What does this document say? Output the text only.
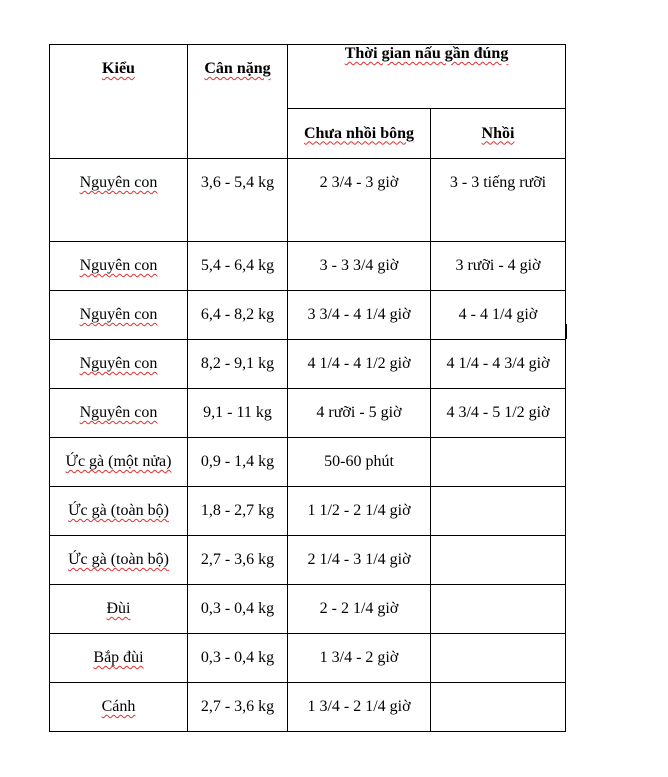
Kiểu	Cân nặng	Thời gian nấu gần đúng	
		Chưa nhồi bông	Nhồi
Nguyên con	3,6 - 5,4 kg	2 3/4 - 3 giờ	3 - 3 tiếng rưỡi
Nguyên con	5,4 - 6,4 kg	3 - 3 3/4 giờ	3 rưỡi - 4 giờ
Nguyên con	6,4 - 8,2 kg	3 3/4 - 4 1/4 giờ	4 - 4 1/4 giờ
Nguyên con	8,2 - 9,1 kg	4 1/4 - 4 1/2 giờ	4 1/4 - 4 3/4 giờ
Nguyên con	9,1 - 11 kg	4 rưỡi - 5 giờ	4 3/4 - 5 1/2 giờ
Ức gà (một nửa)	0,9 - 1,4 kg	50-60 phút	
Ức gà (toàn bộ)	1,8 - 2,7 kg	1 1/2 - 2 1/4 giờ	
Ức gà (toàn bộ)	2,7 - 3,6 kg	2 1/4 - 3 1/4 giờ	
Đùi	0,3 - 0,4 kg	2 - 2 1/4 giờ	
Bắp đùi	0,3 - 0,4 kg	1 3/4 - 2 giờ	
Cánh	2,7 - 3,6 kg	1 3/4 - 2 1/4 giờ	
